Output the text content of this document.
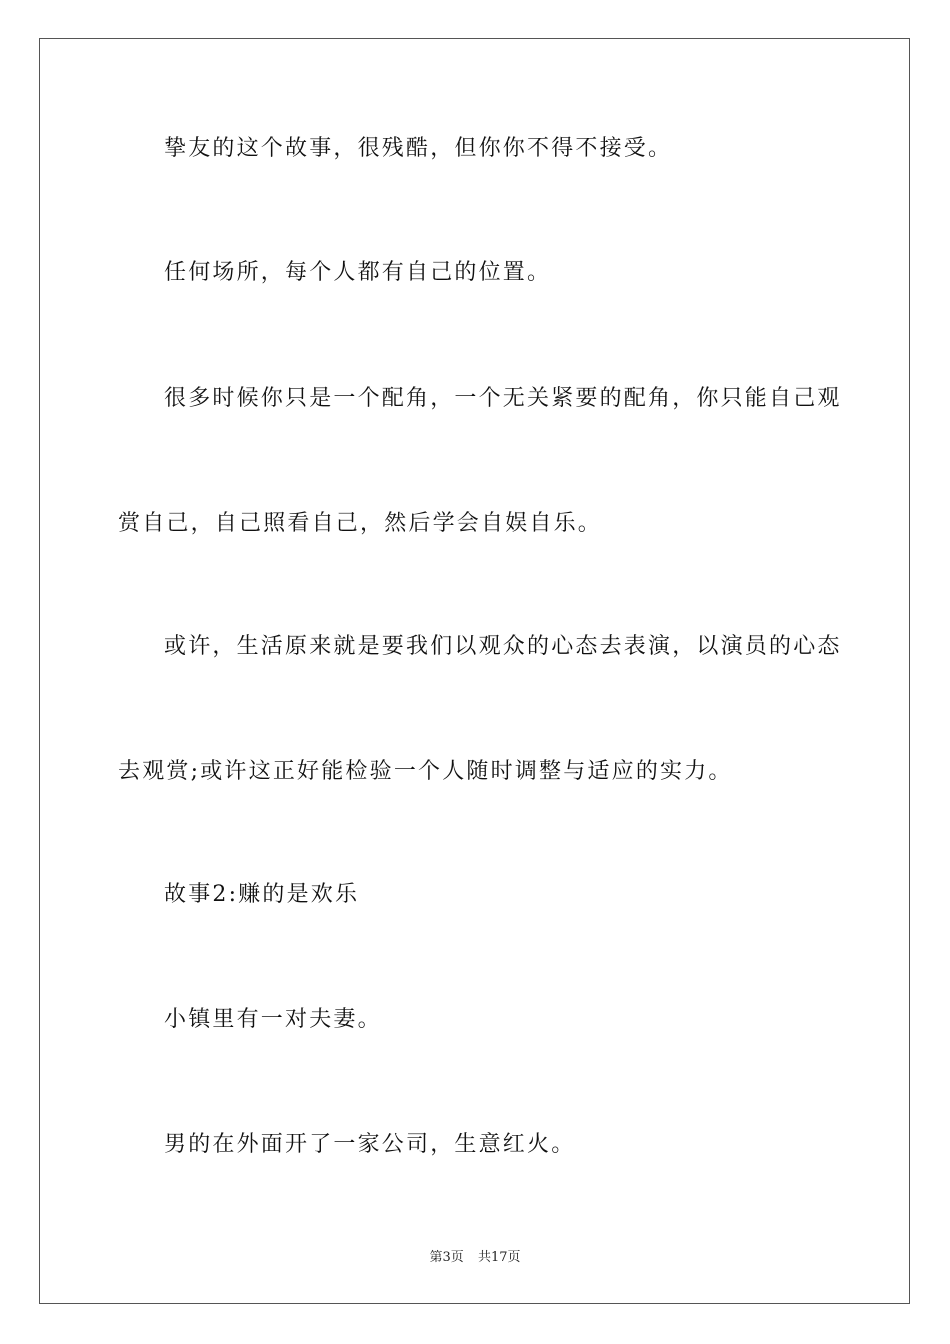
挚友的这个故事，很残酷，但你你不得不接受。
任何场所，每个人都有自己的位置。
很多时候你只是一个配角，一个无关紧要的配角，你只能自己观
赏自己，自己照看自己，然后学会自娱自乐。
或许，生活原来就是要我们以观众的心态去表演，以演员的心态
去观赏;或许这正好能检验一个人随时调整与适应的实力。
故事2:赚的是欢乐
小镇里有一对夫妻。
男的在外面开了一家公司，生意红火。
第3页 共17页
